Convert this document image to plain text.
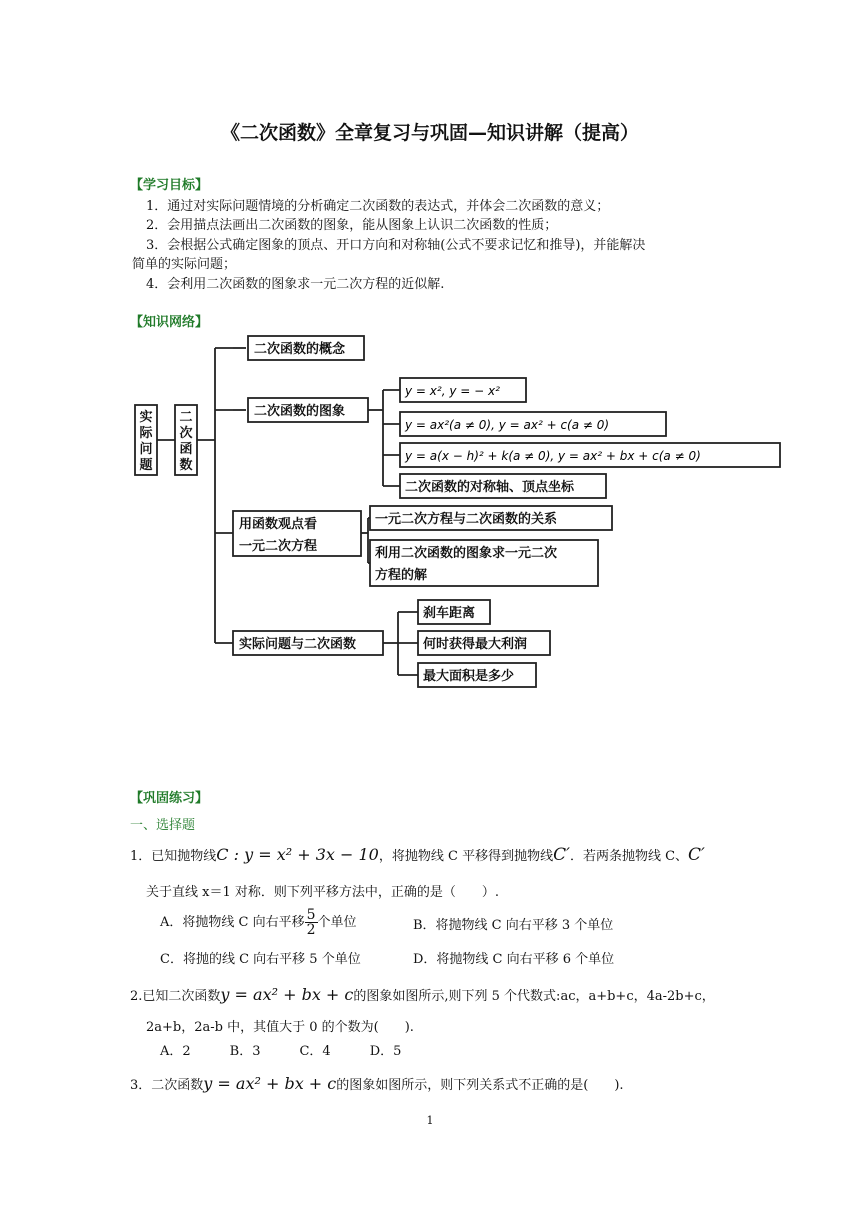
《二次函数》全章复习与巩固—知识讲解（提高）
【学习目标】
1．通过对实际问题情境的分析确定二次函数的表达式，并体会二次函数的意义；
2．会用描点法画出二次函数的图象，能从图象上认识二次函数的性质；
3．会根据公式确定图象的顶点、开口方向和对称轴(公式不要求记忆和推导)，并能解决
简单的实际问题；
4．会利用二次函数的图象求一元二次方程的近似解.
【知识网络】
实
际
问
题
二
次
函
数
二次函数的概念
二次函数的图象
用函数观点看
一元二次方程
实际问题与二次函数
y = x², y = − x²
y = ax²(a ≠ 0), y = ax² + c(a ≠ 0)
y = a(x − h)² + k(a ≠ 0), y = ax² + bx + c(a ≠ 0)
二次函数的对称轴、顶点坐标
一元二次方程与二次函数的关系
利用二次函数的图象求一元二次
方程的解
刹车距离
何时获得最大利润
最大面积是多少
【巩固练习】
一、选择题
1．已知抛物线C : y = x² + 3x − 10，将抛物线 C 平移得到抛物线C′．若两条抛物线 C、C′
关于直线 x＝1 对称．则下列平移方法中，正确的是（　　）.
A．将抛物线 C 向右平移 $\frac{5}{2}$ 个单位	B．将抛物线 C 向右平移 3 个单位
C．将抛的线 C 向右平移 5 个单位	D．将抛物线 C 向右平移 6 个单位
2.已知二次函数y = ax² + bx + c的图象如图所示,则下列 5 个代数式:ac，a+b+c，4a-2b+c，
2a+b，2a-b 中，其值大于 0 的个数为(　　).
A．2　　　B．3　　　C．4　　　D．5
3．二次函数y = ax² + bx + c的图象如图所示，则下列关系式不正确的是(　　).
1
